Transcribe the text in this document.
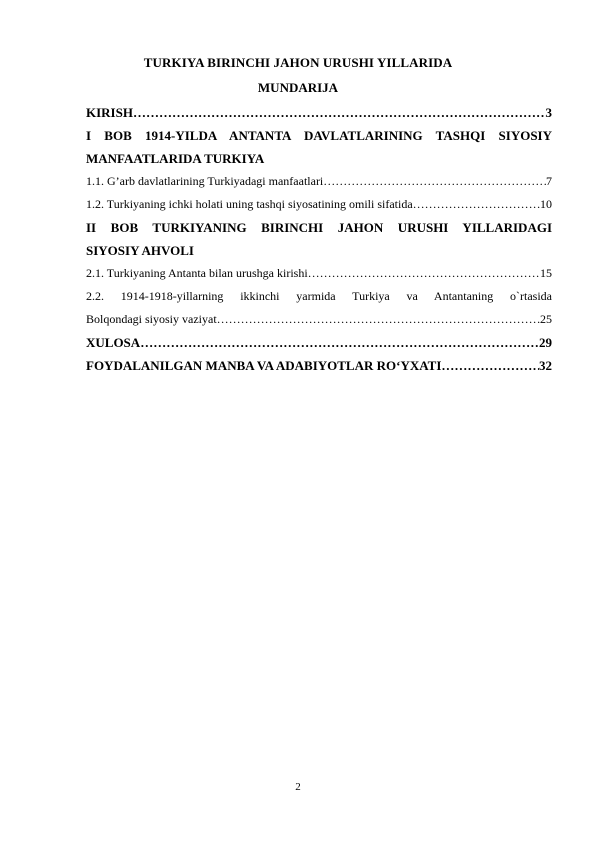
TURKIYA BIRINCHI JAHON URUSHI YILLARIDA
MUNDARIJA
KIRISH ……………………………………………………………………………………………………………………	3
I BOB 1914-YILDA ANTANTA DAVLATLARINING TASHQI SIYOSIY
MANFAATLARIDA TURKIYA
1.1. G’arb davlatlarining Turkiyadagi manfaatlari ……………………………………………………………………………………………………………………	7
1.2. Turkiyaning ichki holati uning tashqi siyosatining omili sifatida ……………………………………………………………………………………………………………………	10
II BOB TURKIYANING BIRINCHI JAHON URUSHI YILLARIDAGI
SIYOSIY AHVOLI
2.1. Turkiyaning Antanta bilan urushga kirishi ……………………………………………………………………………………………………………………	15
2.2. 1914-1918-yillarning ikkinchi yarmida Turkiya va Antantaning o`rtasida
Bolqondagi siyosiy vaziyat ……………………………………………………………………………………………………………………	25
XULOSA ……………………………………………………………………………………………………………………	29
FOYDALANILGAN MANBA VA ADABIYOTLAR RO‘YXATI ……………………………………………………………………………………………………………………	32
2
